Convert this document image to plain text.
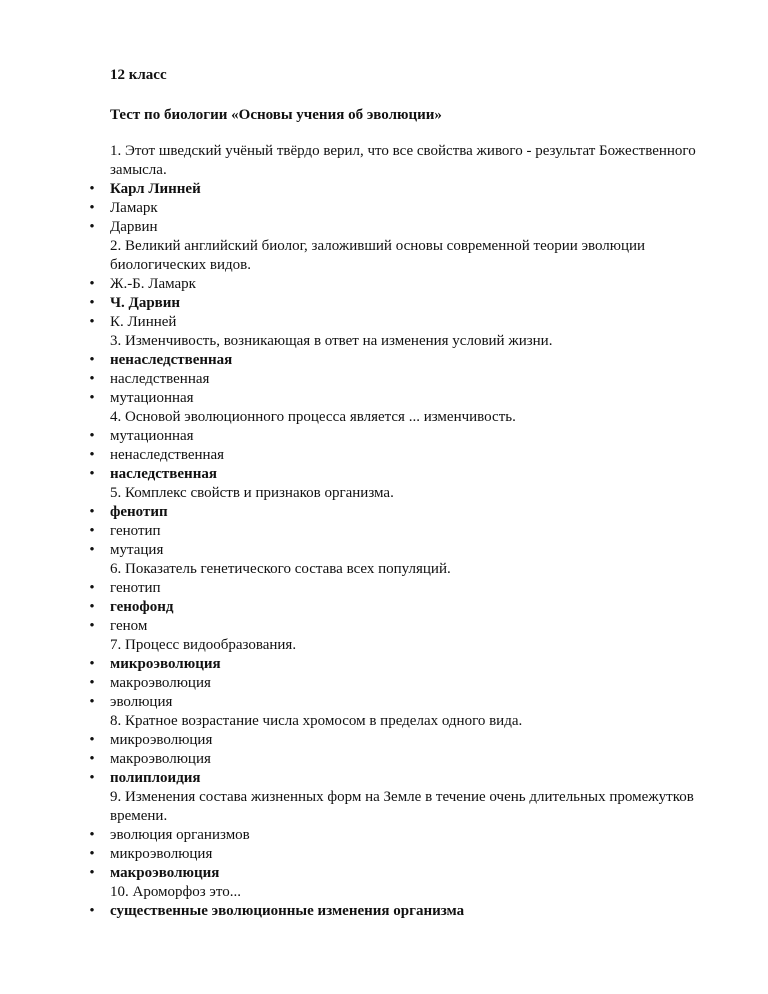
12 класс
Тест по биологии «Основы учения об эволюции»
1. Этот шведский учёный твёрдо верил, что все свойства живого - результат Божественного замысла.
• Карл Линней
• Ламарк
• Дарвин
2. Великий английский биолог, заложивший основы современной теории эволюции биологических видов.
• Ж.-Б. Ламарк
• Ч. Дарвин
• К. Линней
3. Изменчивость, возникающая в ответ на изменения условий жизни.
• ненаследственная
• наследственная
• мутационная
4. Основой эволюционного процесса является ... изменчивость.
• мутационная
• ненаследственная
• наследственная
5. Комплекс свойств и признаков организма.
• фенотип
• генотип
• мутация
6. Показатель генетического состава всех популяций.
• генотип
• генофонд
• геном
7. Процесс видообразования.
• микроэволюция
• макроэволюция
• эволюция
8. Кратное возрастание числа хромосом в пределах одного вида.
• микроэволюция
• макроэволюция
• полиплоидия
9. Изменения состава жизненных форм на Земле в течение очень длительных промежутков времени.
• эволюция организмов
• микроэволюция
• макроэволюция
10. Ароморфоз это...
• существенные эволюционные изменения организма
